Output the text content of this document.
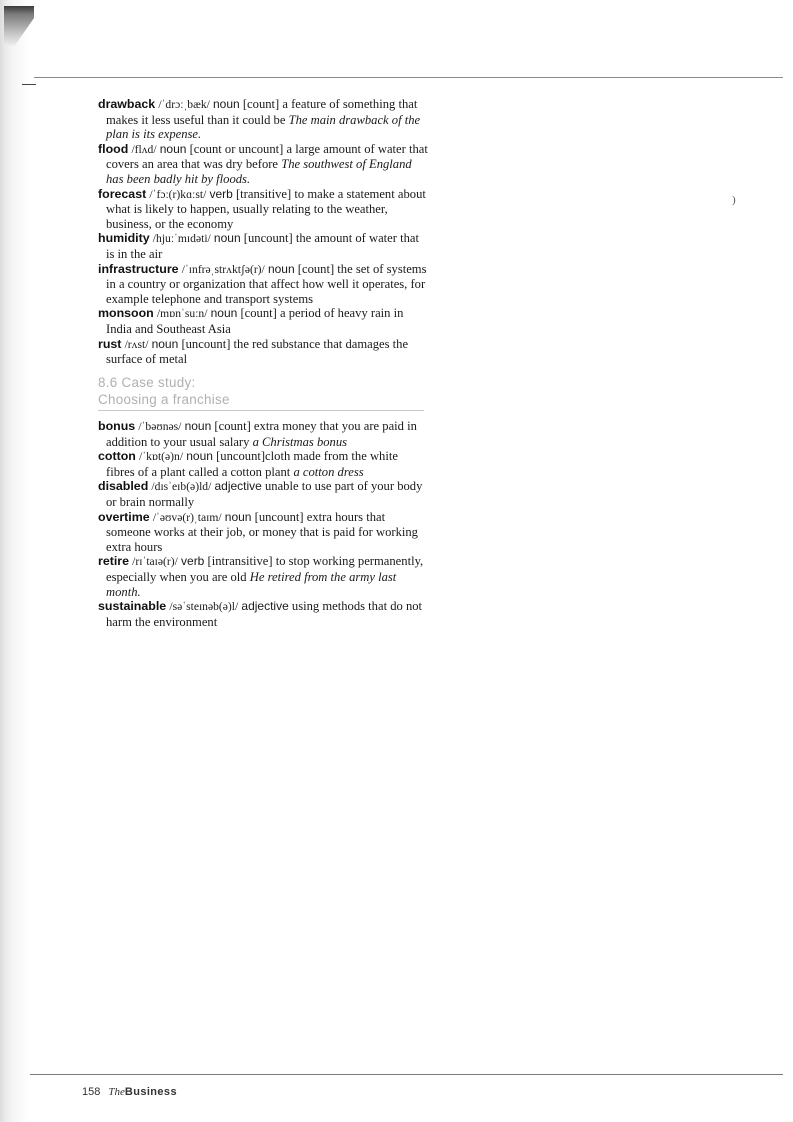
)

drawback /ˈdrɔːˌbæk/ noun [count] a feature of something that makes it less useful than it could be The main drawback of the plan is its expense.

flood /flʌd/ noun [count or uncount] a large amount of water that covers an area that was dry before The southwest of England has been badly hit by floods.

forecast /ˈfɔː(r)kɑːst/ verb [transitive] to make a statement about what is likely to happen, usually relating to the weather, business, or the economy

humidity /hjuːˈmɪdəti/ noun [uncount] the amount of water that is in the air

infrastructure /ˈɪnfrəˌstrʌktʃə(r)/ noun [count] the set of systems in a country or organization that affect how well it operates, for example telephone and transport systems

monsoon /mɒnˈsuːn/ noun [count] a period of heavy rain in India and Southeast Asia

rust /rʌst/ noun [uncount] the red substance that damages the surface of metal

8.6 Case study:
Choosing a franchise

bonus /ˈbəʊnəs/ noun [count] extra money that you are paid in addition to your usual salary a Christmas bonus

cotton /ˈkɒt(ə)n/ noun [uncount]cloth made from the white fibres of a plant called a cotton plant a cotton dress

disabled /dɪsˈeɪb(ə)ld/ adjective unable to use part of your body or brain normally

overtime /ˈəʊvə(r)ˌtaɪm/ noun [uncount] extra hours that someone works at their job, or money that is paid for working extra hours

retire /rɪˈtaɪə(r)/ verb [intransitive] to stop working permanently, especially when you are old He retired from the army last month.

sustainable /səˈsteɪnəb(ə)l/ adjective using methods that do not harm the environment

158 TheBusiness
